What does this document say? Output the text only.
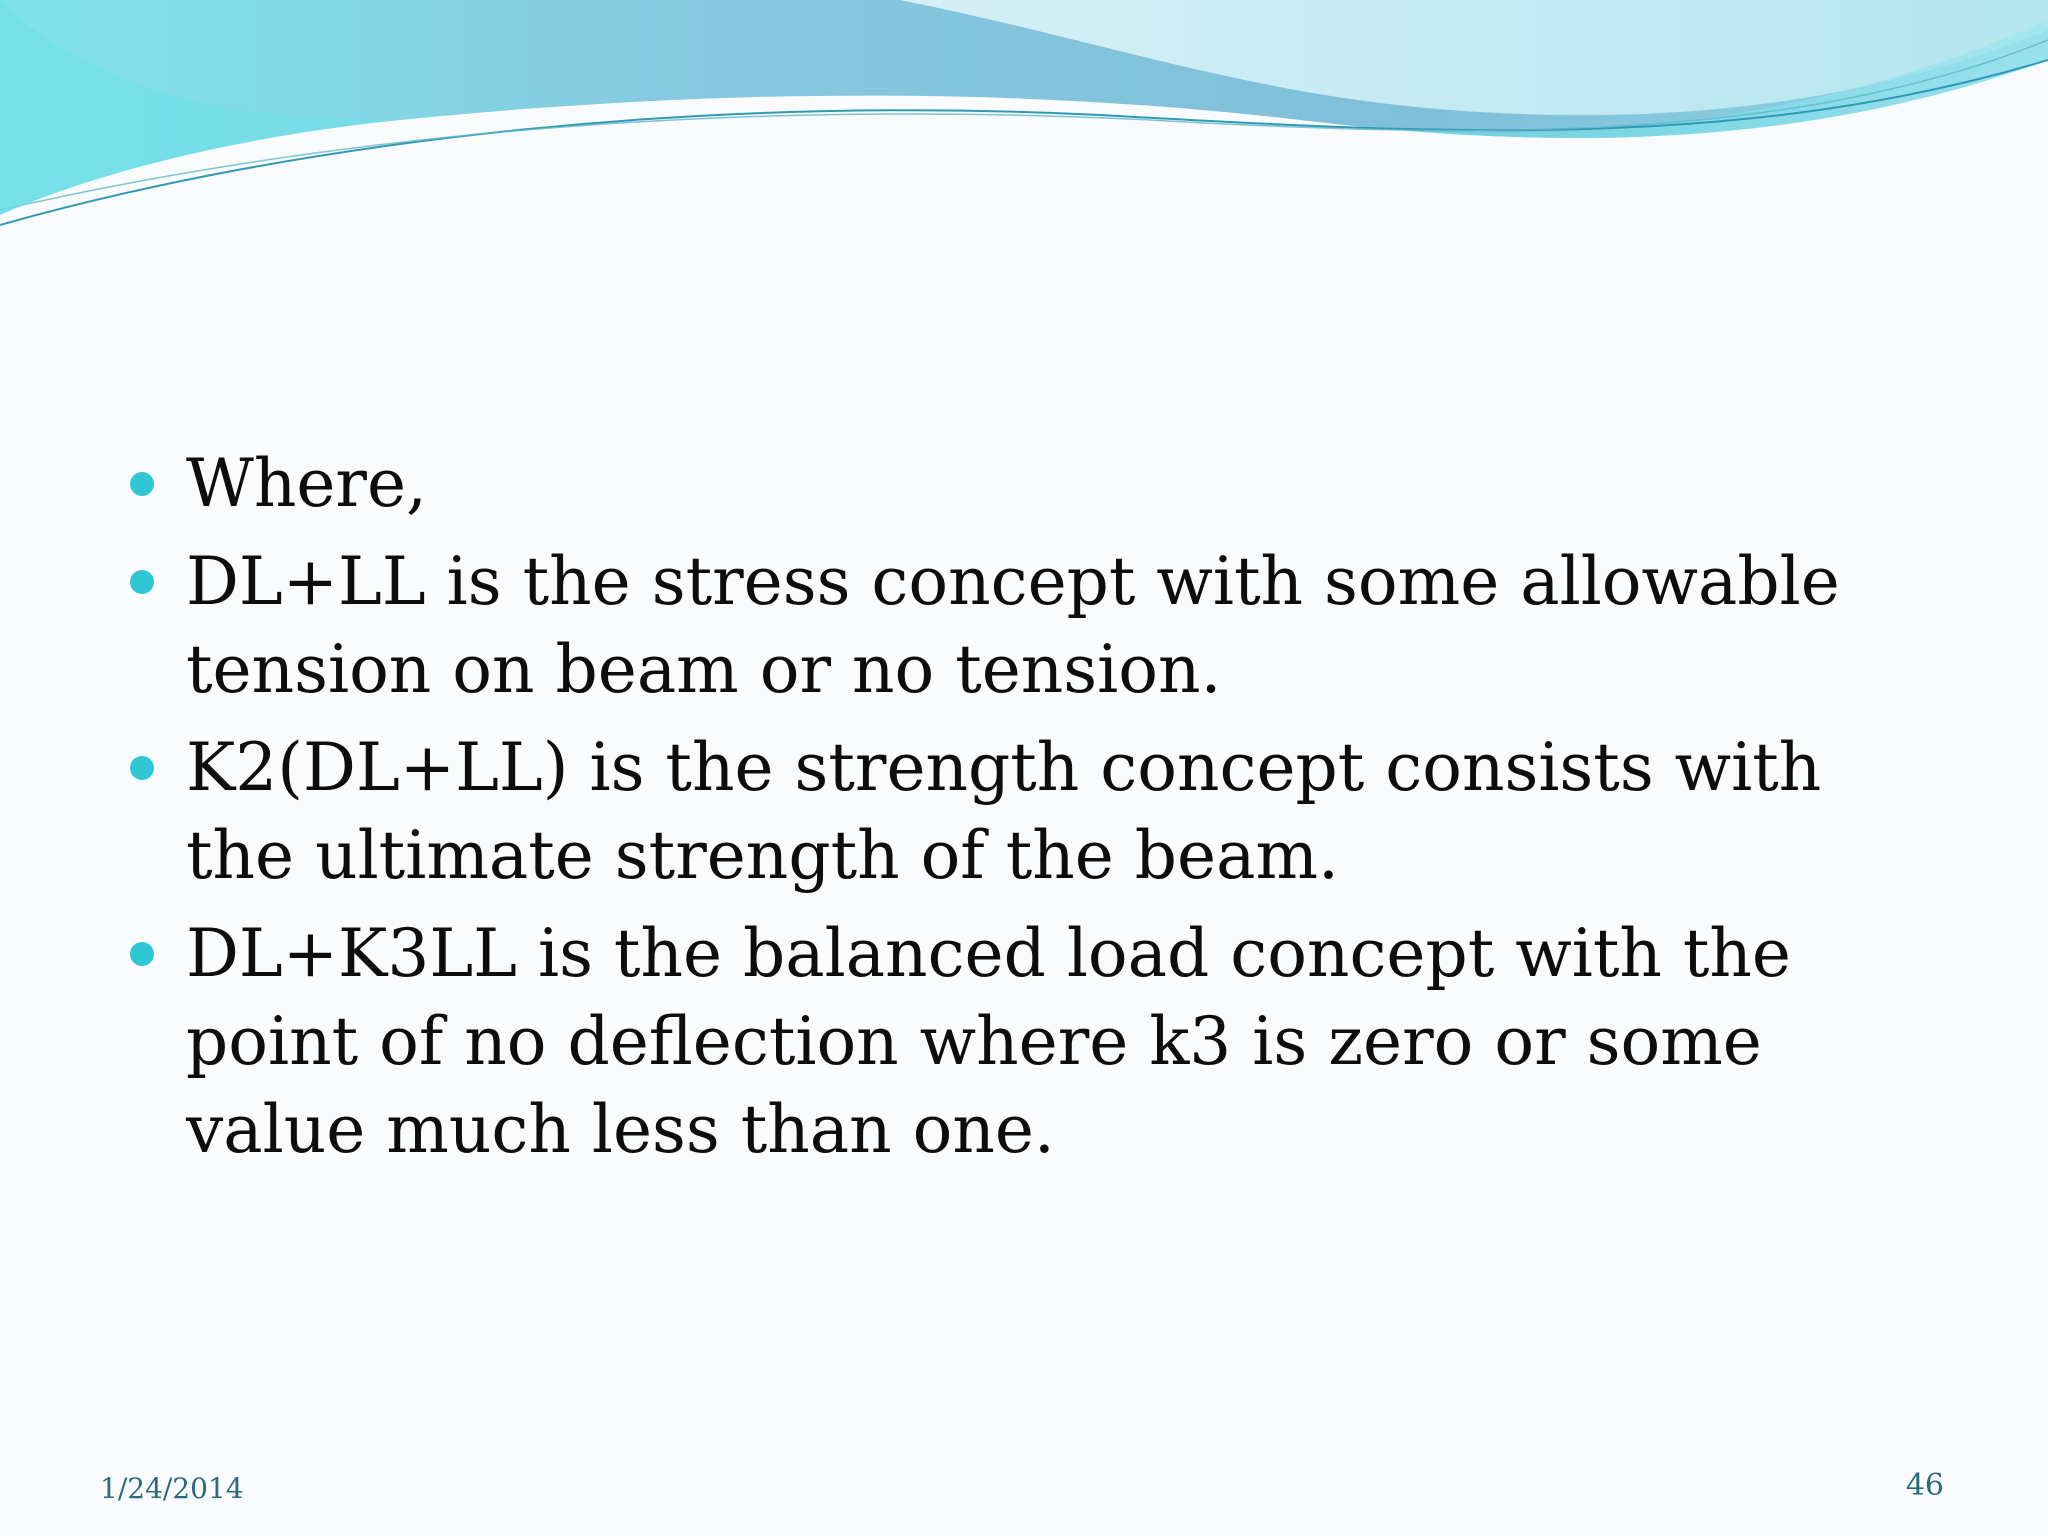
Where,
DL+LL is the stress concept with some allowable tension on beam or no tension.
K2(DL+LL) is the strength concept consists with the ultimate strength of the beam.
DL+K3LL is the balanced load concept with the point of no deflection where k3 is zero or some value much less than one.
1/24/2014	46
